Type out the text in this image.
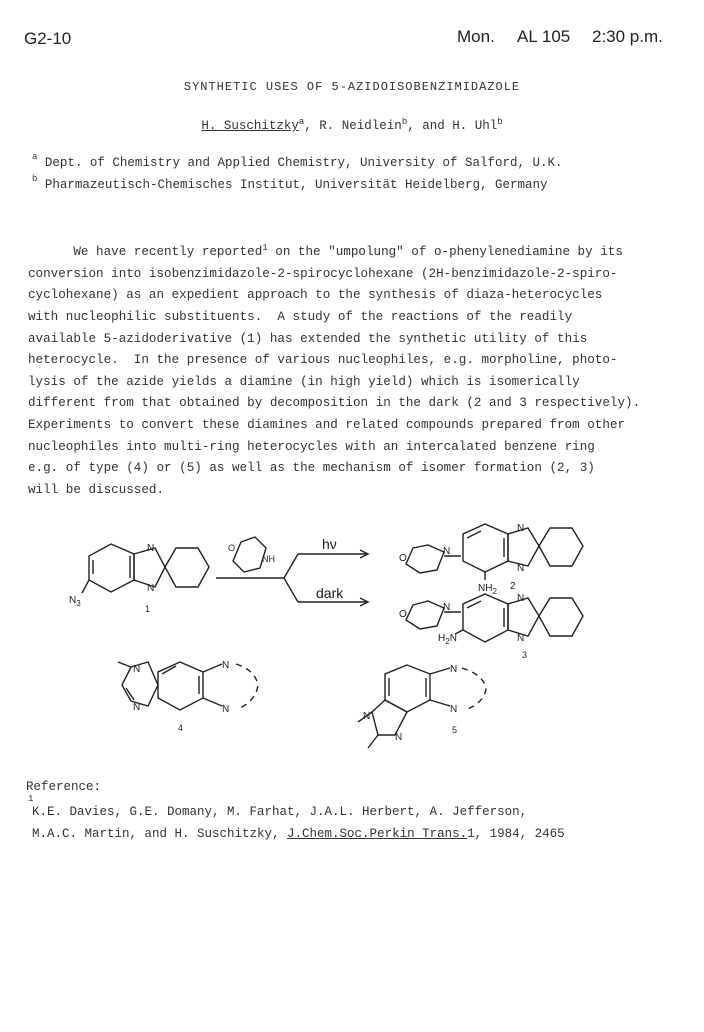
G2-10	Mon. AL 105 2:30 p.m.
SYNTHETIC USES OF 5-AZIDOISOBENZIMIDAZOLE
H. Suschitzky$^a$, R. Neidlein$^b$, and H. Uhl$^b$
$^a$ Dept. of Chemistry and Applied Chemistry, University of Salford, U.K.
$^b$ Pharmazeutisch-Chemisches Institut, Universität Heidelberg, Germany
We have recently reported$^1$ on the "umpolung" of o-phenylenediamine by its
conversion into isobenzimidazole-2-spirocyclohexane (2H-benzimidazole-2-spiro-
cyclohexane) as an expedient approach to the synthesis of diaza-heterocycles
with nucleophilic substituents.  A study of the reactions of the readily
available 5-azidoderivative (1) has extended the synthetic utility of this
heterocycle.  In the presence of various nucleophiles, e.g. morpholine, photo-
lysis of the azide yields a diamine (in high yield) which is isomerically
different from that obtained by decomposition in the dark (2 and 3 respectively).
Experiments to convert these diamines and related compounds prepared from other
nucleophiles into multi-ring heterocycles with an intercalated benzene ring
e.g. of type (4) or (5) as well as the mechanism of isomer formation (2, 3)
will be discussed.
N
N
$N_3$
1
O
NH
hν
dark
O
N
N
N
$NH_2$ 2
O
N
N
N
$H_2N$
3
N
N
N
N
4
N
N
N
N
5
Reference:
1
K.E. Davies, G.E. Domany, M. Farhat, J.A.L. Herbert, A. Jefferson,
M.A.C. Martin, and H. Suschitzky, J.Chem.Soc.Perkin Trans.1, 1984, 2465
